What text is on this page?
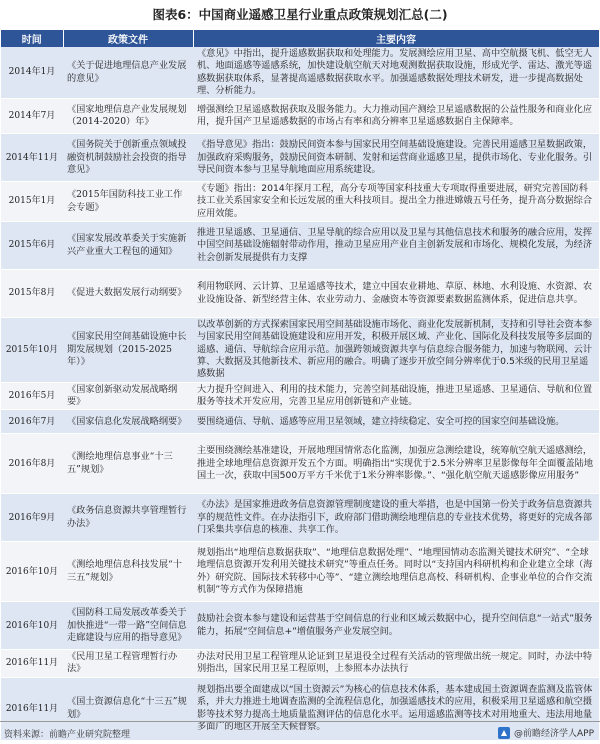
图表6：中国商业遥感卫星行业重点政策规划汇总(二)
时间	政策文件	主要内容
2014年1月	《关于促进地理信息产业发展的意见》	《意见》中指出，提升遥感数据获取和处理能力。发展测绘应用卫星、高中空航摄飞机、低空无人机、地面遥感等遥感系统，加快建设航空航天对地观测数据获取设施，形成光学、雷达、激光等遥感数据获取体系，显著提高遥感数据获取水平。加强遥感数据处理技术研发，进一步提高数据处理、分析能力。
2014年7月	《国家地理信息产业发展规划（2014-2020）年》	增强测绘卫星遥感数据获取及服务能力。大力推动国产测绘卫星遥感数据的公益性服务和商业化应用，提升国产卫星遥感数据的市场占有率和高分辨率卫星遥感数据自主保障率。
2014年11月	《国务院关于创新重点领域投融资机制鼓励社会投资的指导意见》	《指导意见》指出：鼓励民间资本参与国家民用空间基础设施建设。完善民用遥感卫星数据政策，加强政府采购服务，鼓励民间资本研制、发射和运营商业遥感卫星，提供市场化、专业化服务。引导民间资本参与卫星导航地面应用系统建设。
2015年1月	《2015年国防科技工业工作会专题》	《专题》指出：2014年探月工程，高分专项等国家科技重大专项取得重要进展，研究完善国防科技工业关系国家安全和长远发展的重大科技项目。提出全力推进嫦娥五号任务，提升高分数据综合应用效能。
2015年6月	《国家发展改革委关于实施新兴产业重大工程包的通知》	推进卫星遥感、卫星通信、卫星导航的综合应用以及卫星与其他信息技术和服务的融合应用，发挥中国空间基础设施辐射带动作用，推动卫星应用产业自主创新发展和市场化、规模化发展，为经济社会创新发展提供有力支撑
2015年8月	《促进大数据发展行动纲要》	利用物联网、云计算、卫星遥感等技术，建立中国农业耕地、草原、林地、水利设施、水资源、农业设施设备、新型经营主体、农业劳动力、金融资本等资源要素数据监测体系，促进信息共享。
2015年10月	《国家民用空间基础设施中长期发展规划（2015-2025年）》	以改革创新的方式探索国家民用空间基础设施市场化、商业化发展新机制，支持和引导社会资本参与国家民用空间基础设施建设和应用开发，积极开展区域、产业化、国际化及科技发展等多层面的遥感、通信、导航综合应用示范。加强跨领域资源共享与信息综合服务能力，加速与物联网、云计算、大数据及其他新技术、新应用的融合。明确了逐步开放空间分辨率优于0.5米级的民用卫星遥感数据
2016年5月	《国家创新驱动发展战略纲要》	大力提升空间进入、利用的技术能力，完善空间基础设施，推进卫星遥感、卫星通信、导航和位置服务等技术开发应用，完善卫星应用创新链和产业链。
2016年7月	《国家信息化发展战略纲要》	要围绕通信、导航、遥感等应用卫星领域，建立持续稳定、安全可控的国家空间基础设施。
2016年8月	《测绘地理信息事业“十三五”规划》	主要围绕测绘基准建设，开展地理国情常态化监测，加强应急测绘建设，统筹航空航天遥感测绘，推进全球地理信息资源开发五个方面。明确指出“实现优于2.5米分辨率卫星影像每年全面覆盖陆地国土一次，获取中国500万平方千米优于1米分辨率影像。”、“强化航空航天遥感影像应用服务”
2016年9月	《政务信息资源共享管理暂行办法》	《办法》是国家推进政务信息资源管理制度建设的重大举措，也是中国第一份关于政务信息资源共享的规范性文件。在办法指引下，政府部门借助测绘地理信息的专业技术优势，将更好的完成各部门采集共享信息的核准、共享工作。
2016年10月	《测绘地理信息科技发展“十三五”规划》	规划指出“地理信息数据获取”、“地理信息数据处理”、“地理国情动态监测关键技术研究”、“全球地理信息资源开发利用关键技术研究”等重点任务。同时以“支持国内科研机构和企业建立全球（海外）研究院、国际技术转移中心等”、“建立测绘地理信息高校、科研机构、企事业单位的合作交流机制”等方式作为保障措施
2016年10月	《国防科工局发展改革委关于加快推进“一带一路”空间信息走廊建设与应用的指导意见》	鼓励社会资本参与建设和运营基于空间信息的行业和区域云数据中心，提升空间信息“一站式”服务能力，拓展“空间信息+”增值服务产业发展空间。
2016年11月	《民用卫星工程管理暂行办法》	办法对民用卫星工程管理从论证到卫星退役全过程有关活动的管理做出统一规定。同时，办法中特别指出，国家民用卫星工程原则，上参照本办法执行
2016年11月	《国土资源信息化“十三五”规划》	规划指出要全面建成以“国土资源云”为核心的信息技术体系，基本建成国土资源调查监测及监管体系，并大力推进土地调查监测的全流程信息化，加强遥感技术的应用，积极采用卫星遥感和航空摄影等技术努力提高土地质量监测评估的信息化水平。运用遥感监测等技术对用地重大、违法用地量多面广的地区开展全天候督察。
资料来源：前瞻产业研究院整理	@前瞻经济学人APP
